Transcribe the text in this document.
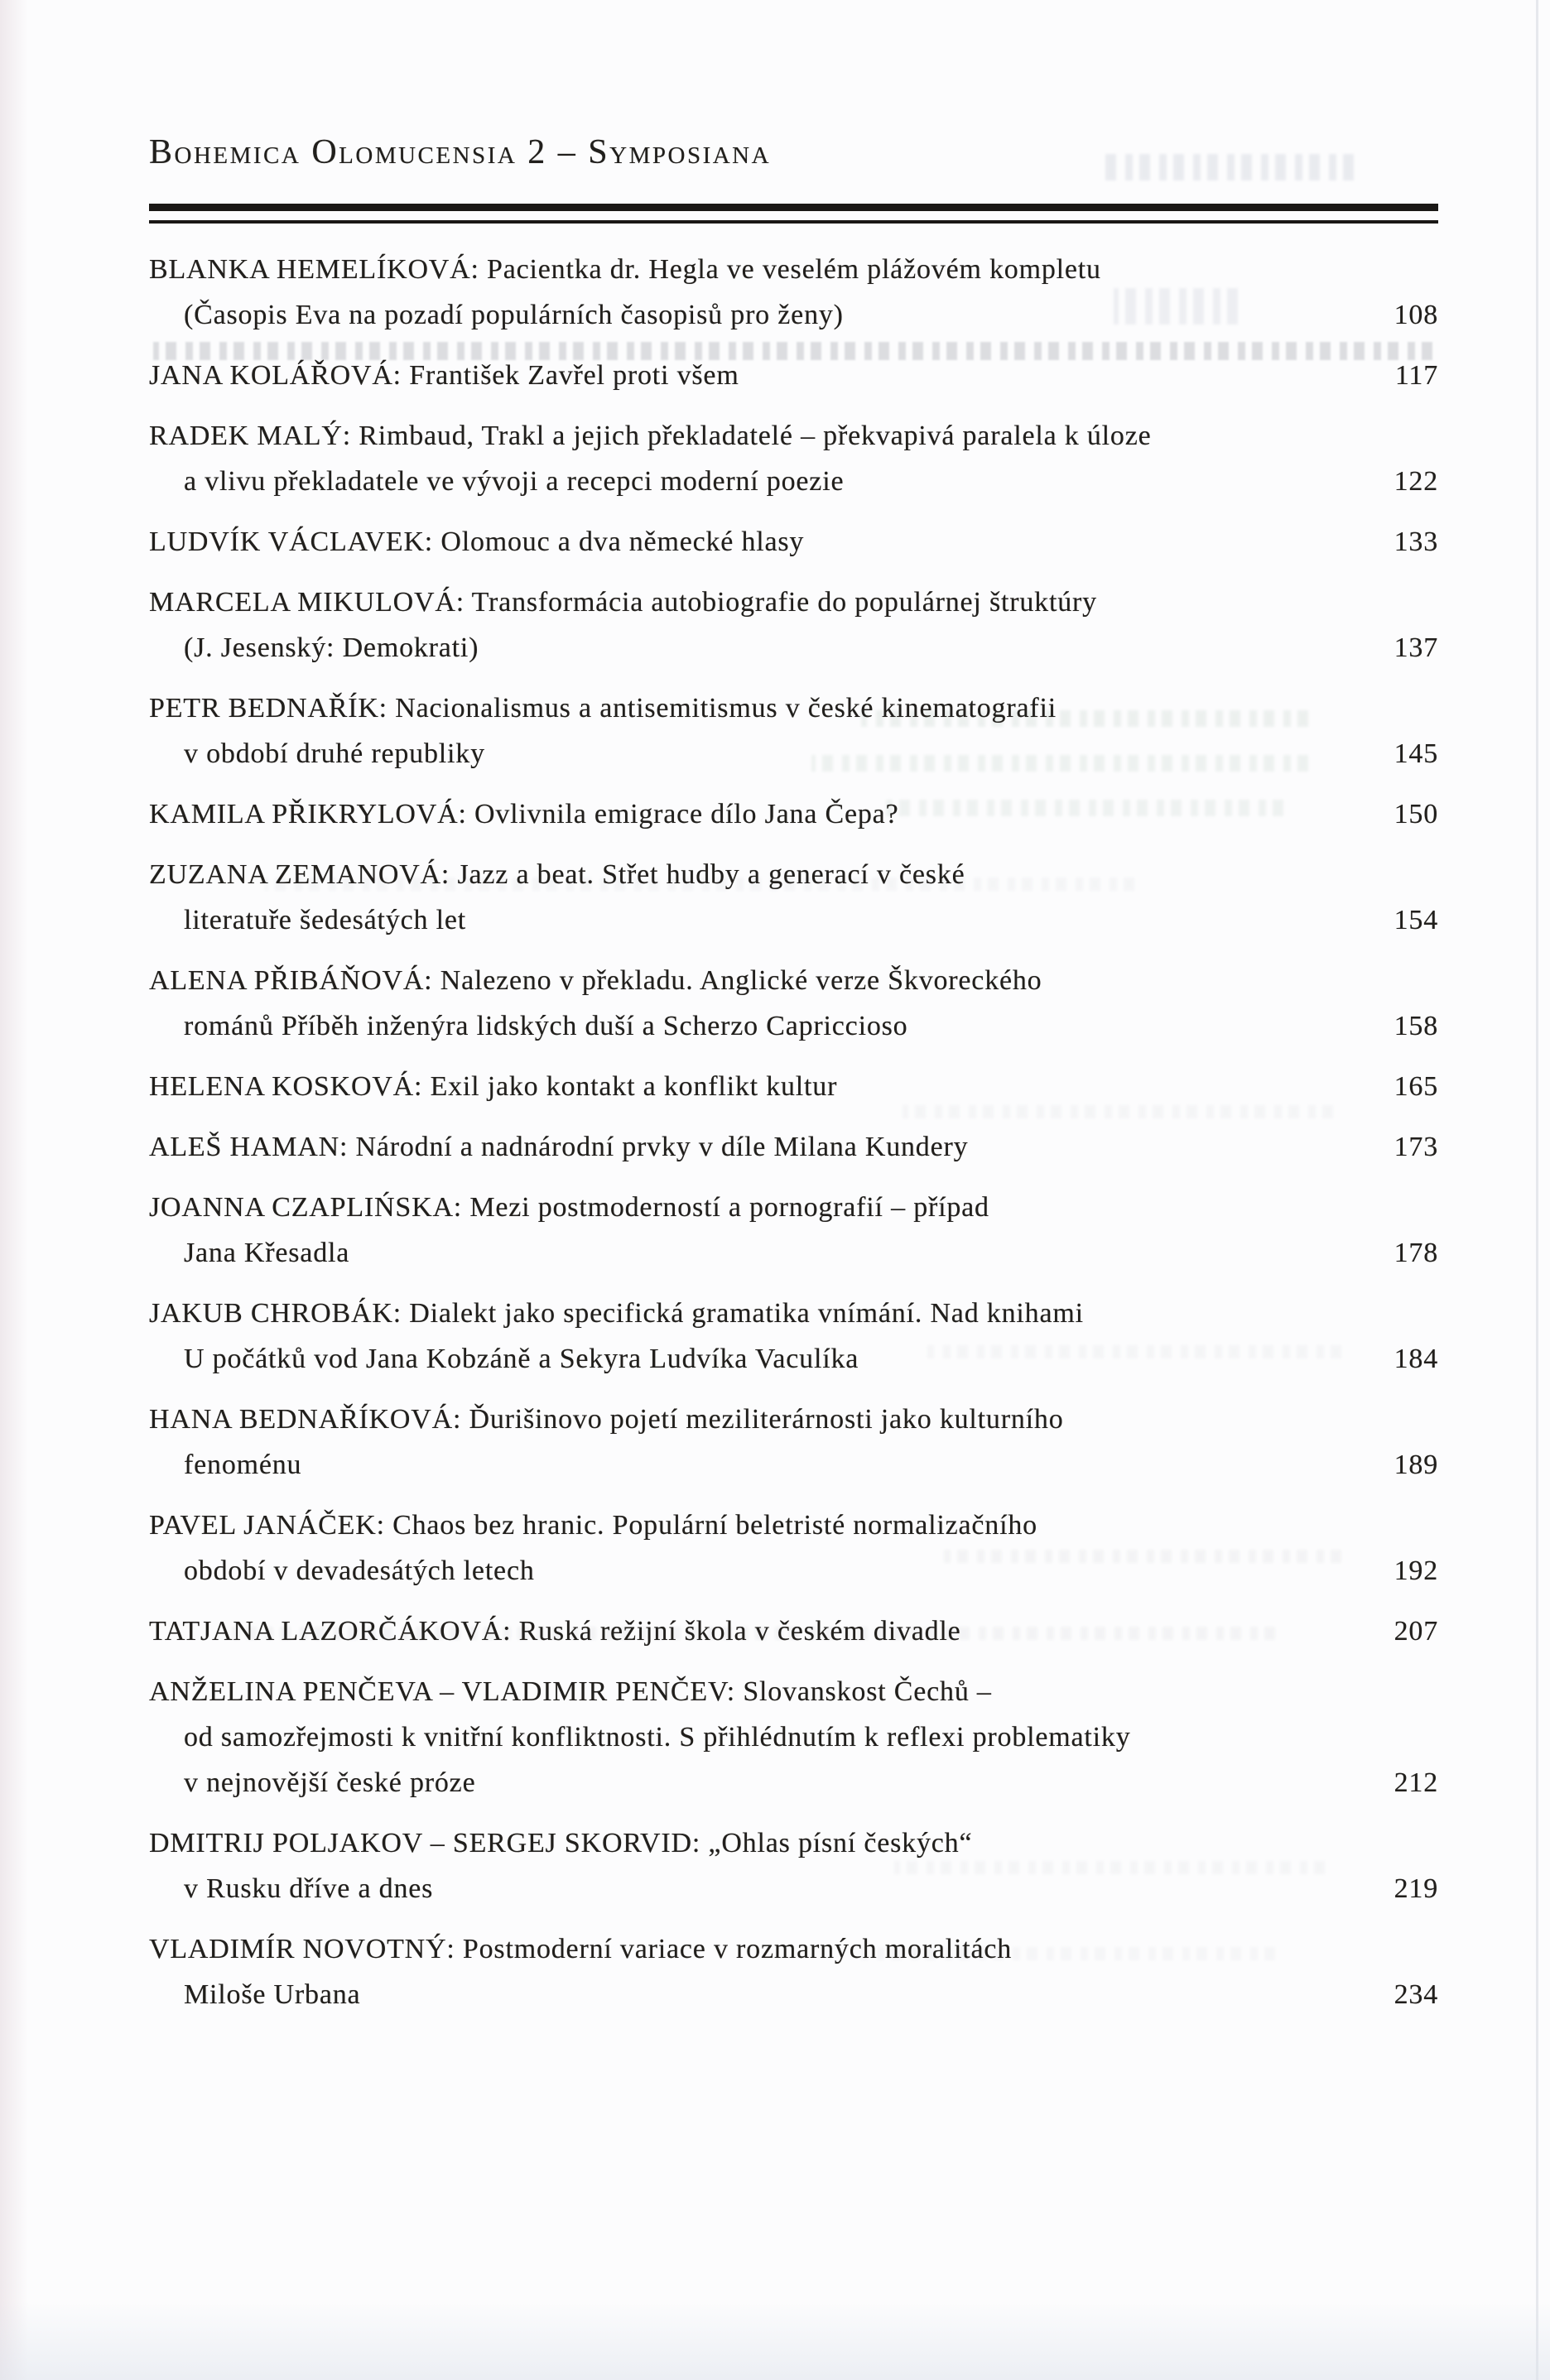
Bohemica Olomucensia 2 – Symposiana
BLANKA HEMELÍKOVÁ: Pacientka dr. Hegla ve veselém plážovém kompletu
(Časopis Eva na pozadí populárních časopisů pro ženy)	108
JANA KOLÁŘOVÁ: František Zavřel proti všem	117
RADEK MALÝ: Rimbaud, Trakl a jejich překladatelé – překvapivá paralela k úloze
a vlivu překladatele ve vývoji a recepci moderní poezie	122
LUDVÍK VÁCLAVEK: Olomouc a dva německé hlasy	133
MARCELA MIKULOVÁ: Transformácia autobiografie do populárnej štruktúry
(J. Jesenský: Demokrati)	137
PETR BEDNAŘÍK: Nacionalismus a antisemitismus v české kinematografii
v období druhé republiky	145
KAMILA PŘIKRYLOVÁ: Ovlivnila emigrace dílo Jana Čepa?	150
ZUZANA ZEMANOVÁ: Jazz a beat. Střet hudby a generací v české
literatuře šedesátých let	154
ALENA PŘIBÁŇOVÁ: Nalezeno v překladu. Anglické verze Škvoreckého
románů Příběh inženýra lidských duší a Scherzo Capriccioso	158
HELENA KOSKOVÁ: Exil jako kontakt a konflikt kultur	165
ALEŠ HAMAN: Národní a nadnárodní prvky v díle Milana Kundery	173
JOANNA CZAPLIŃSKA: Mezi postmoderností a pornografií – případ
Jana Křesadla	178
JAKUB CHROBÁK: Dialekt jako specifická gramatika vnímání. Nad knihami
U počátků vod Jana Kobzáně a Sekyra Ludvíka Vaculíka	184
HANA BEDNAŘÍKOVÁ: Ďurišinovo pojetí meziliterárnosti jako kulturního
fenoménu	189
PAVEL JANÁČEK: Chaos bez hranic. Populární beletristé normalizačního
období v devadesátých letech	192
TATJANA LAZORČÁKOVÁ: Ruská režijní škola v českém divadle	207
ANŽELINA PENČEVA – VLADIMIR PENČEV: Slovanskost Čechů –
od samozřejmosti k vnitřní konfliktnosti. S přihlédnutím k reflexi problematiky
v nejnovější české próze	212
DMITRIJ POLJAKOV – SERGEJ SKORVID: „Ohlas písní českých“
v Rusku dříve a dnes	219
VLADIMÍR NOVOTNÝ: Postmoderní variace v rozmarných moralitách
Miloše Urbana	234
